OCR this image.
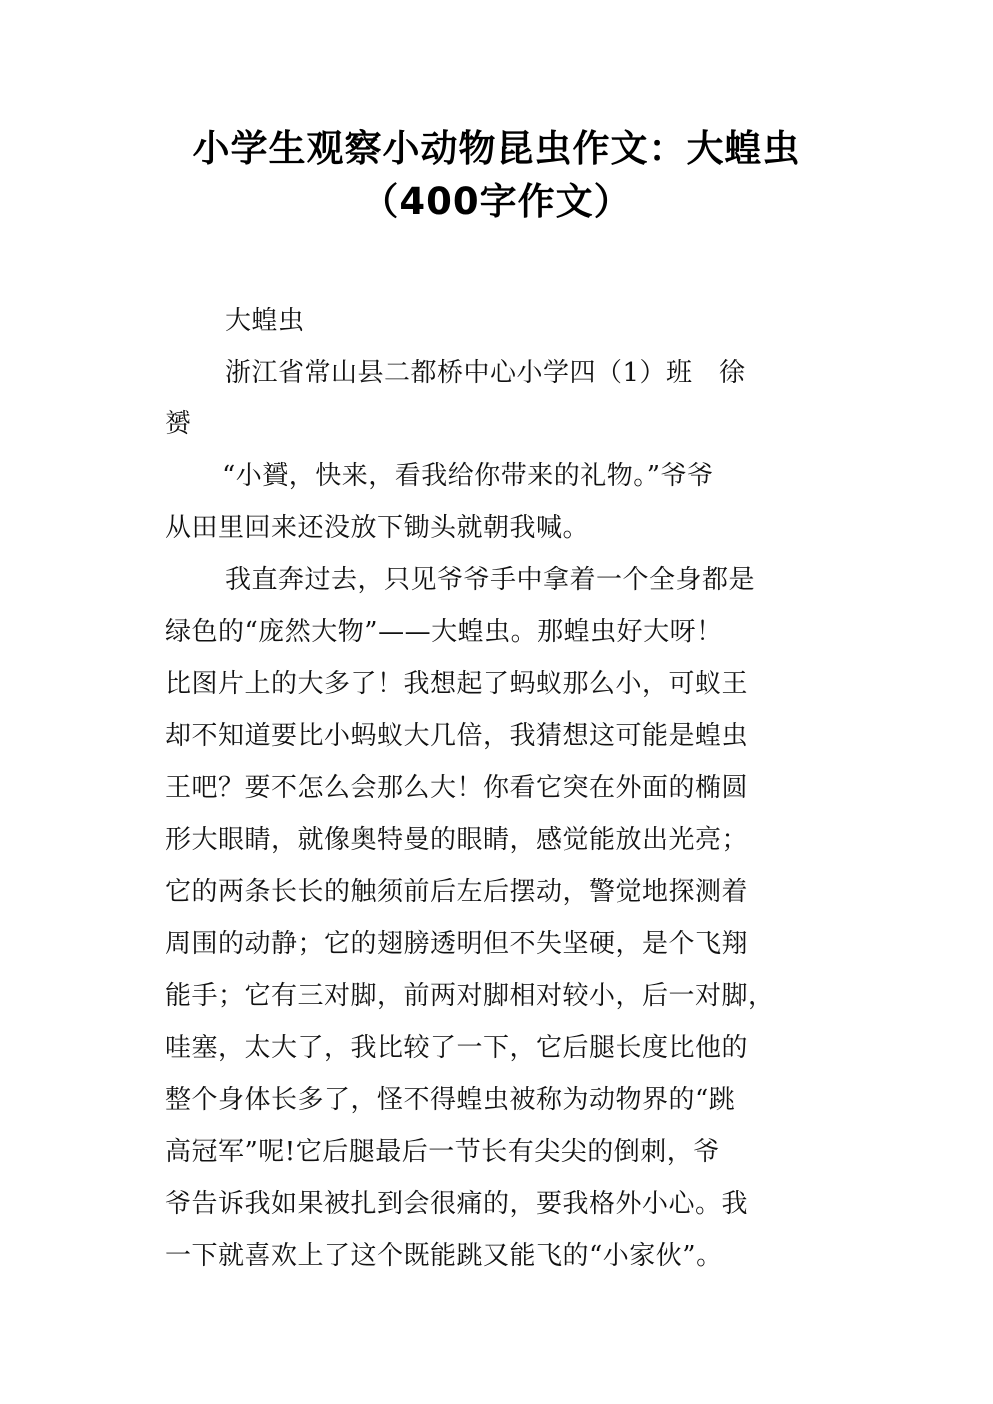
小学生观察小动物昆虫作文：大蝗虫
（400字作文）
大蝗虫
浙江省常山县二都桥中心小学四（1）班　徐
赟
“小贇，快来，看我给你带来的礼物。”爷爷
从田里回来还没放下锄头就朝我喊。
我直奔过去，只见爷爷手中拿着一个全身都是
绿色的“庞然大物”——大蝗虫。那蝗虫好大呀！
比图片上的大多了！我想起了蚂蚁那么小，可蚁王
却不知道要比小蚂蚁大几倍，我猜想这可能是蝗虫
王吧？要不怎么会那么大！你看它突在外面的椭圆
形大眼睛，就像奥特曼的眼睛，感觉能放出光亮；
它的两条长长的触须前后左后摆动，警觉地探测着
周围的动静；它的翅膀透明但不失坚硬，是个飞翔
能手；它有三对脚，前两对脚相对较小，后一对脚，
哇塞，太大了，我比较了一下，它后腿长度比他的
整个身体长多了，怪不得蝗虫被称为动物界的“跳
高冠军”呢!它后腿最后一节长有尖尖的倒刺，爷
爷告诉我如果被扎到会很痛的，要我格外小心。我
一下就喜欢上了这个既能跳又能飞的“小家伙”。
